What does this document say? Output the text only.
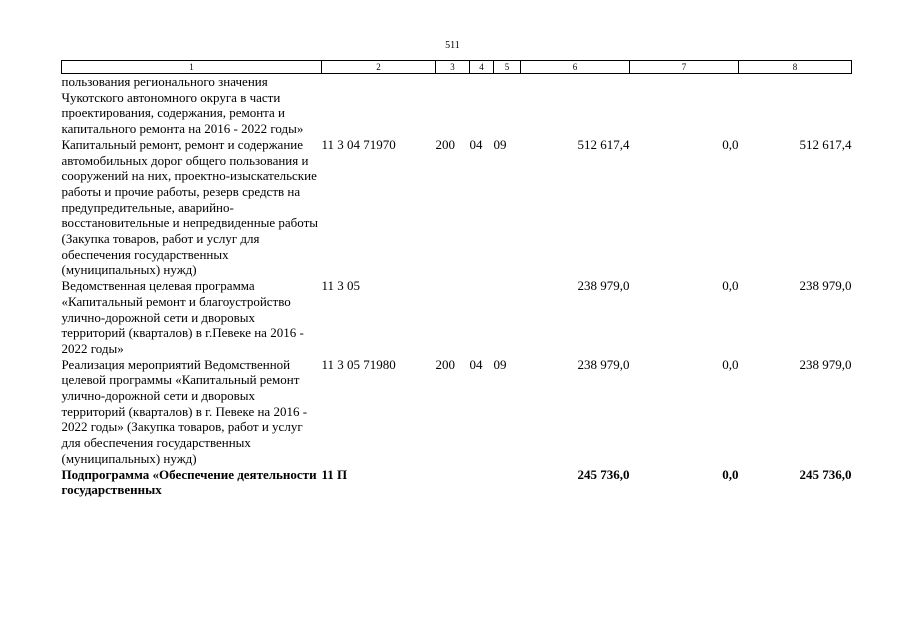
511
1	2	3	4	5	6	7	8
пользования регионального значения Чукотского автономного округа в части проектирования, содержания, ремонта и капитального ремонта на 2016 - 2022 годы»							
Капитальный ремонт, ремонт и содержание автомобильных дорог общего пользования и сооружений на них, проектно-изыскательские работы и прочие работы, резерв средств на предупредительные, аварийно-восстановительные и непредвиденные работы (Закупка товаров, работ и услуг для обеспечения государственных (муниципальных) нужд)	11 3 04 71970	200	04	09	512 617,4	0,0	512 617,4
Ведомственная целевая программа «Капитальный ремонт и благоустройство улично-дорожной сети и дворовых территорий (кварталов) в г.Певеке на 2016 - 2022 годы»	11 3 05				238 979,0	0,0	238 979,0
Реализация мероприятий Ведомственной целевой программы «Капитальный ремонт улично-дорожной сети и дворовых территорий (кварталов) в г. Певеке на 2016 - 2022 годы» (Закупка товаров, работ и услуг для обеспечения государственных (муниципальных) нужд)	11 3 05 71980	200	04	09	238 979,0	0,0	238 979,0
Подпрограмма «Обеспечение деятельности государственных	11 П				245 736,0	0,0	245 736,0
